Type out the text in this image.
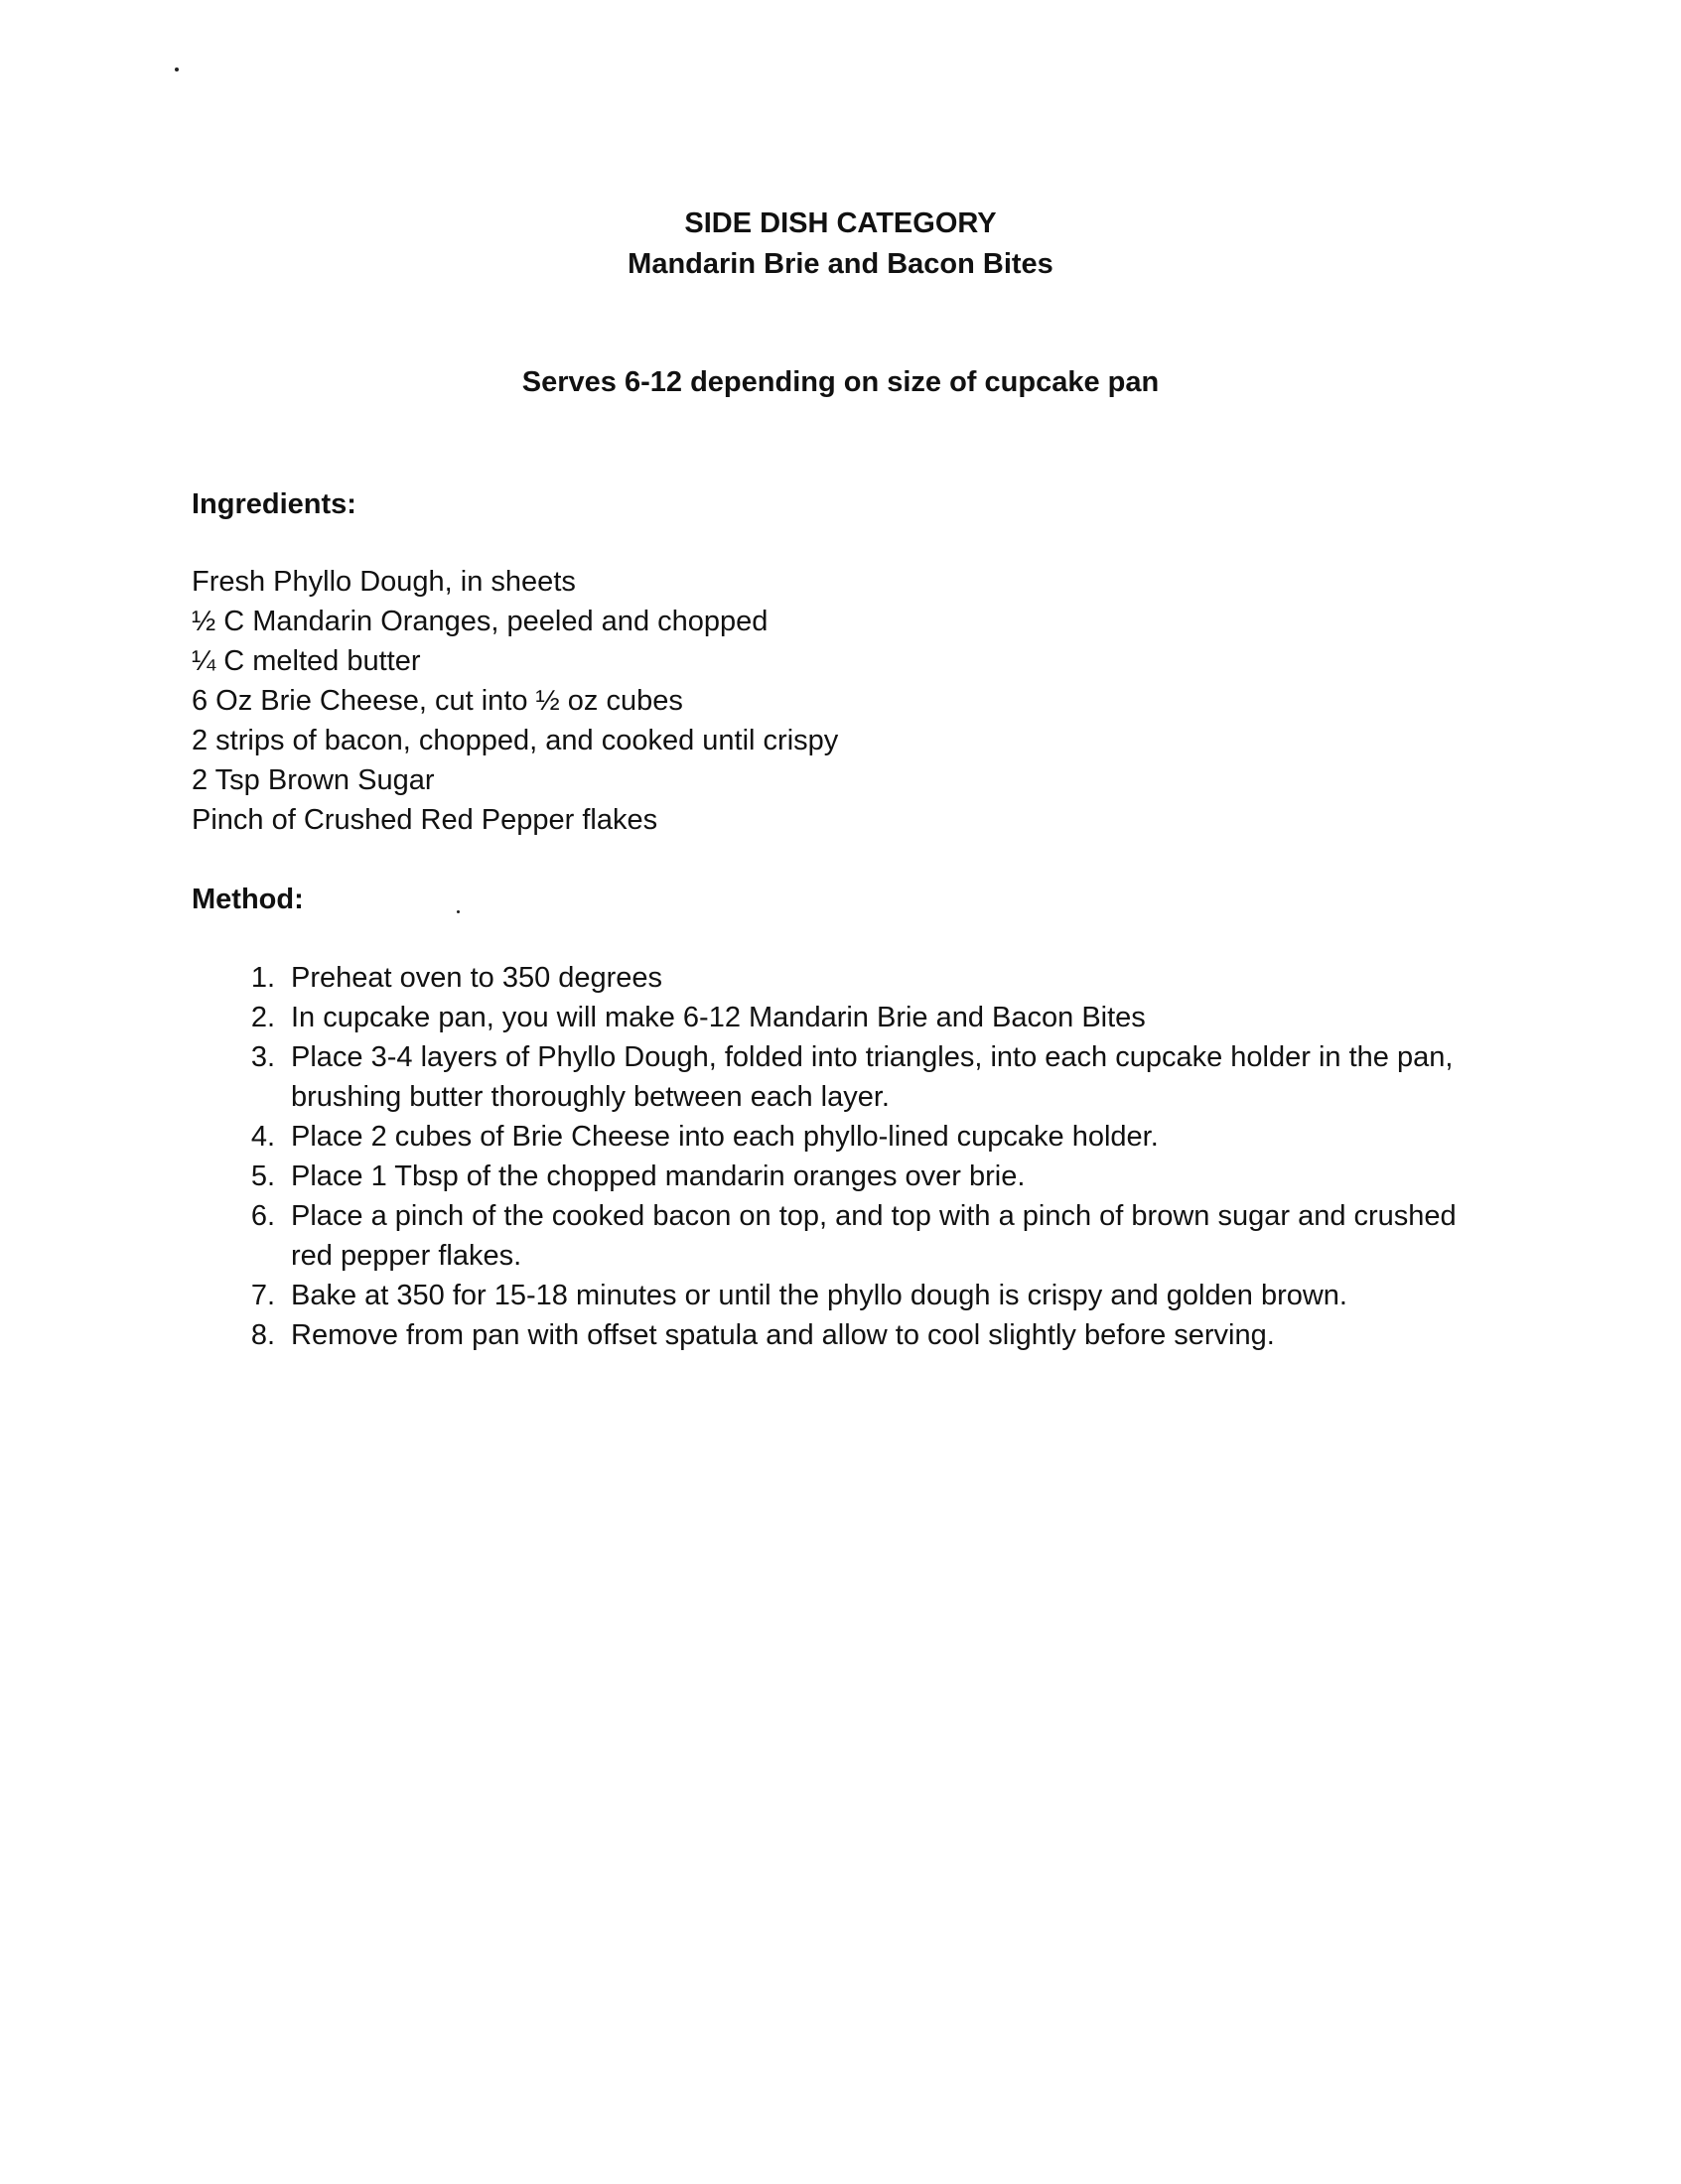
SIDE DISH CATEGORY
Mandarin Brie and Bacon Bites
Serves 6-12 depending on size of cupcake pan
Ingredients:
Fresh Phyllo Dough, in sheets
½ C Mandarin Oranges, peeled and chopped
¼ C melted butter
6 Oz Brie Cheese, cut into ½ oz cubes
2 strips of bacon, chopped, and cooked until crispy
2 Tsp Brown Sugar
Pinch of Crushed Red Pepper flakes
Method:
1. Preheat oven to 350 degrees
2. In cupcake pan, you will make 6-12 Mandarin Brie and Bacon Bites
3. Place 3-4 layers of Phyllo Dough, folded into triangles, into each cupcake holder in the pan, brushing butter thoroughly between each layer.
4. Place 2 cubes of Brie Cheese into each phyllo-lined cupcake holder.
5. Place 1 Tbsp of the chopped mandarin oranges over brie.
6. Place a pinch of the cooked bacon on top, and top with a pinch of brown sugar and crushed red pepper flakes.
7. Bake at 350 for 15-18 minutes or until the phyllo dough is crispy and golden brown.
8. Remove from pan with offset spatula and allow to cool slightly before serving.
